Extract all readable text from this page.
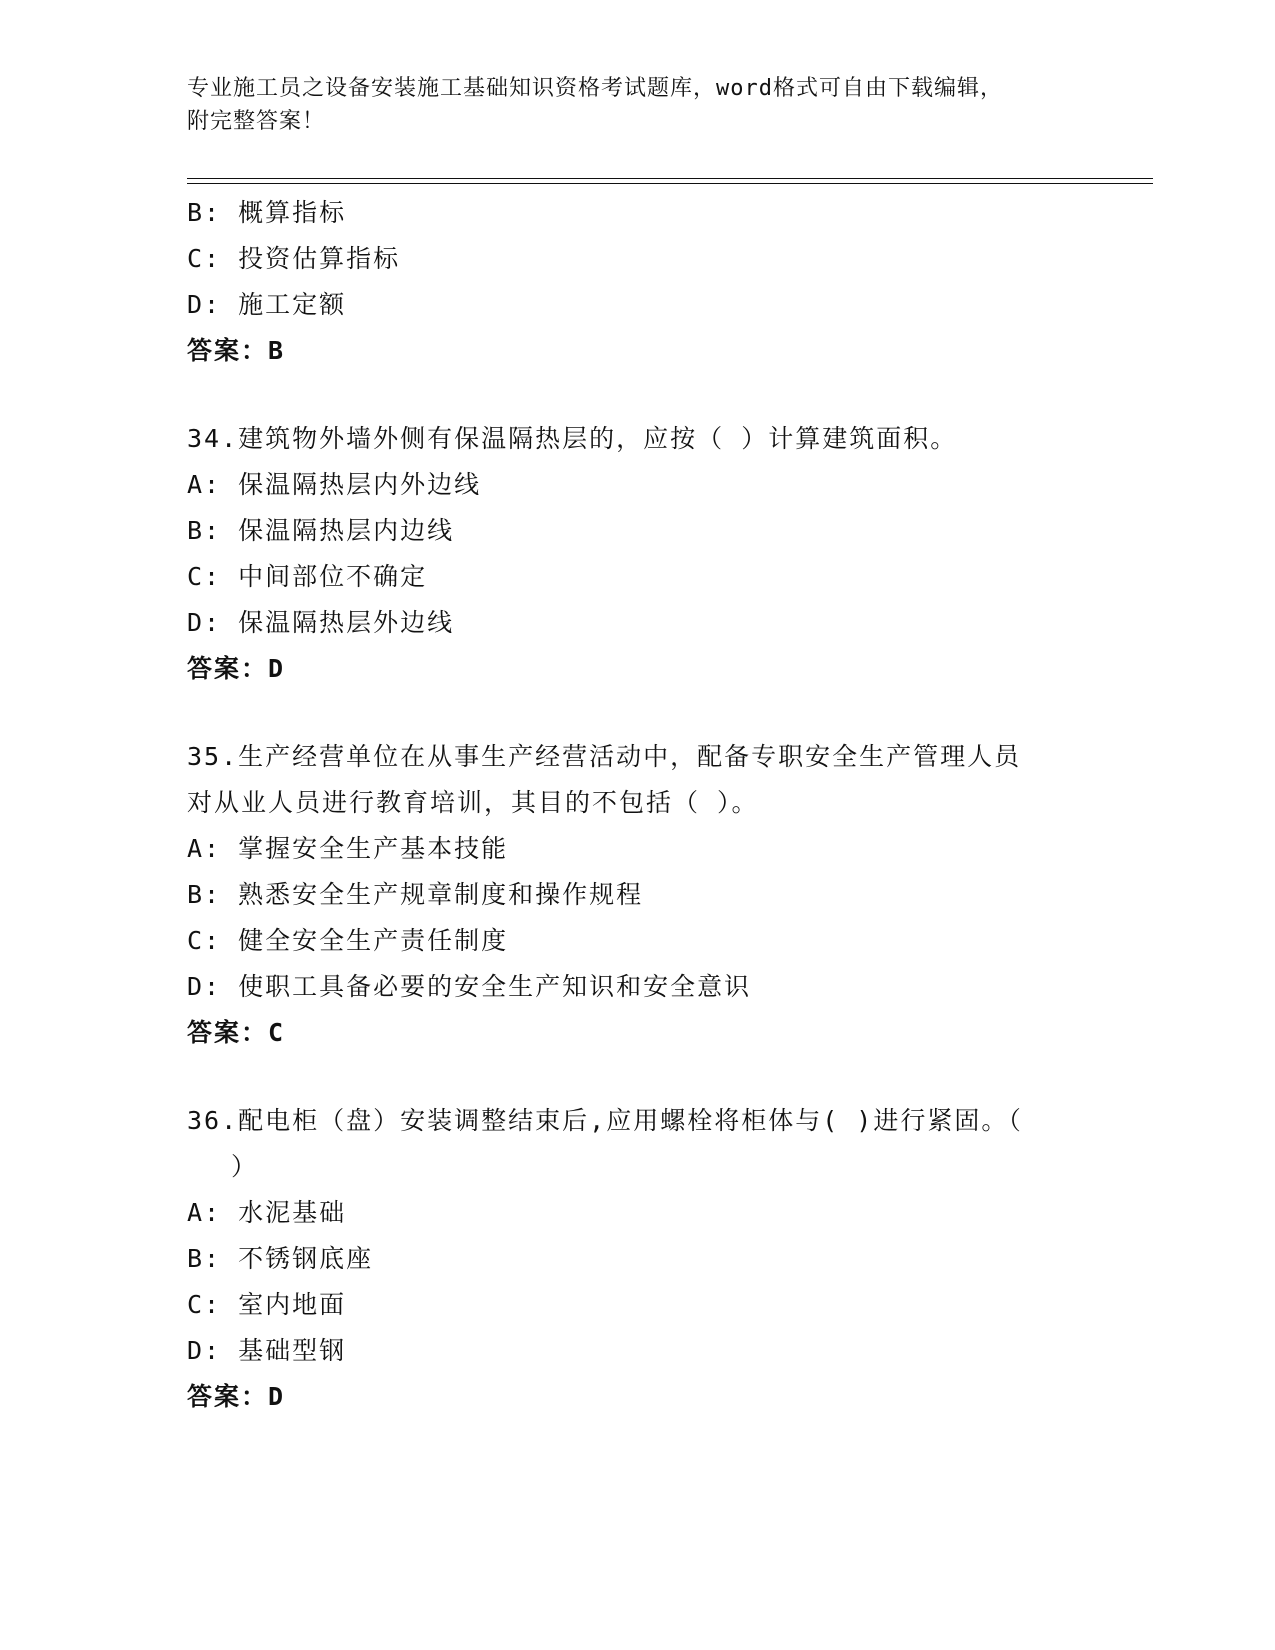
专业施工员之设备安装施工基础知识资格考试题库，word格式可自由下载编辑，
附完整答案！
B: 概算指标
C: 投资估算指标
D: 施工定额
答案：B
34.建筑物外墙外侧有保温隔热层的，应按（ ）计算建筑面积。
A: 保温隔热层内外边线
B: 保温隔热层内边线
C: 中间部位不确定
D: 保温隔热层外边线
答案：D
35.生产经营单位在从事生产经营活动中，配备专职安全生产管理人员
对从业人员进行教育培训，其目的不包括（ ）。
A: 掌握安全生产基本技能
B: 熟悉安全生产规章制度和操作规程
C: 健全安全生产责任制度
D: 使职工具备必要的安全生产知识和安全意识
答案：C
36.配电柜（盘）安装调整结束后,应用螺栓将柜体与( )进行紧固。（
）
A: 水泥基础
B: 不锈钢底座
C: 室内地面
D: 基础型钢
答案：D
